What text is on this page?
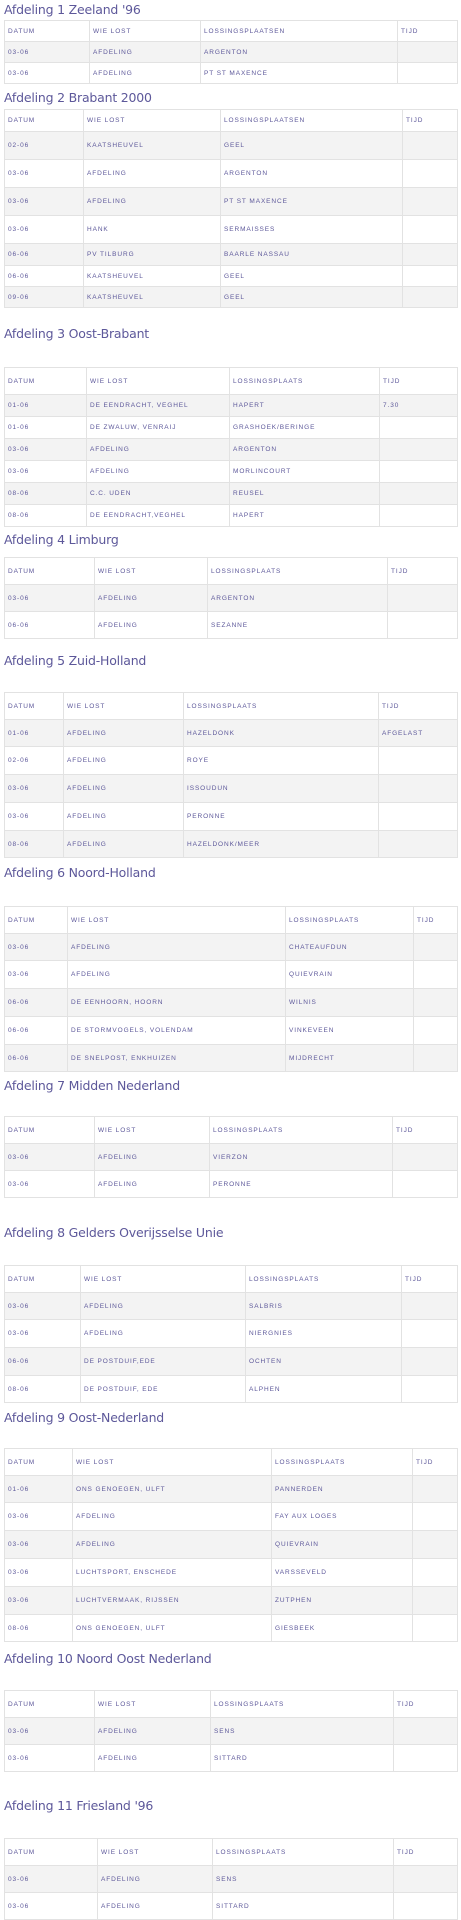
Afdeling 1 Zeeland '96
DATUM	WIE LOST	LOSSINGSPLAATSEN	TIJD
03-06	AFDELING	ARGENTON	
03-06	AFDELING	PT ST MAXENCE	
Afdeling 2 Brabant 2000
DATUM	WIE LOST	LOSSINGSPLAATSEN	TIJD
02-06	KAATSHEUVEL	GEEL	
03-06	AFDELING	ARGENTON	
03-06	AFDELING	PT ST MAXENCE	
03-06	HANK	SERMAISSES	
06-06	PV TILBURG	BAARLE NASSAU	
06-06	KAATSHEUVEL	GEEL	
09-06	KAATSHEUVEL	GEEL	
Afdeling 3 Oost-Brabant
DATUM	WIE LOST	LOSSINGSPLAATS	TIJD
01-06	DE EENDRACHT, VEGHEL	HAPERT	7.30
01-06	DE ZWALUW, VENRAIJ	GRASHOEK/BERINGE	
03-06	AFDELING	ARGENTON	
03-06	AFDELING	MORLINCOURT	
08-06	C.C. UDEN	REUSEL	
08-06	DE EENDRACHT,VEGHEL	HAPERT	
Afdeling 4 Limburg
DATUM	WIE LOST	LOSSINGSPLAATS	TIJD
03-06	AFDELING	ARGENTON	
06-06	AFDELING	SEZANNE	
Afdeling 5 Zuid-Holland
DATUM	WIE LOST	LOSSINGSPLAATS	TIJD
01-06	AFDELING	HAZELDONK	AFGELAST
02-06	AFDELING	ROYE	
03-06	AFDELING	ISSOUDUN	
03-06	AFDELING	PERONNE	
08-06	AFDELING	HAZELDONK/MEER	
Afdeling 6 Noord-Holland
DATUM	WIE LOST	LOSSINGSPLAATS	TIJD
03-06	AFDELING	CHATEAUFDUN	
03-06	AFDELING	QUIEVRAIN	
06-06	DE EENHOORN, HOORN	WILNIS	
06-06	DE STORMVOGELS, VOLENDAM	VINKEVEEN	
06-06	DE SNELPOST, ENKHUIZEN	MIJDRECHT	
Afdeling 7 Midden Nederland
DATUM	WIE LOST	LOSSINGSPLAATS	TIJD
03-06	AFDELING	VIERZON	
03-06	AFDELING	PERONNE	
Afdeling 8 Gelders Overijsselse Unie
DATUM	WIE LOST	LOSSINGSPLAATS	TIJD
03-06	AFDELING	SALBRIS	
03-06	AFDELING	NIERGNIES	
06-06	DE POSTDUIF,EDE	OCHTEN	
08-06	DE POSTDUIF, EDE	ALPHEN	
Afdeling 9 Oost-Nederland
DATUM	WIE LOST	LOSSINGSPLAATS	TIJD
01-06	ONS GENOEGEN, ULFT	PANNERDEN	
03-06	AFDELING	FAY AUX LOGES	
03-06	AFDELING	QUIEVRAIN	
03-06	LUCHTSPORT, ENSCHEDE	VARSSEVELD	
03-06	LUCHTVERMAAK, RIJSSEN	ZUTPHEN	
08-06	ONS GENOEGEN, ULFT	GIESBEEK	
Afdeling 10 Noord Oost Nederland
DATUM	WIE LOST	LOSSINGSPLAATS	TIJD
03-06	AFDELING	SENS	
03-06	AFDELING	SITTARD	
Afdeling 11 Friesland '96
DATUM	WIE LOST	LOSSINGSPLAATS	TIJD
03-06	AFDELING	SENS	
03-06	AFDELING	SITTARD	
